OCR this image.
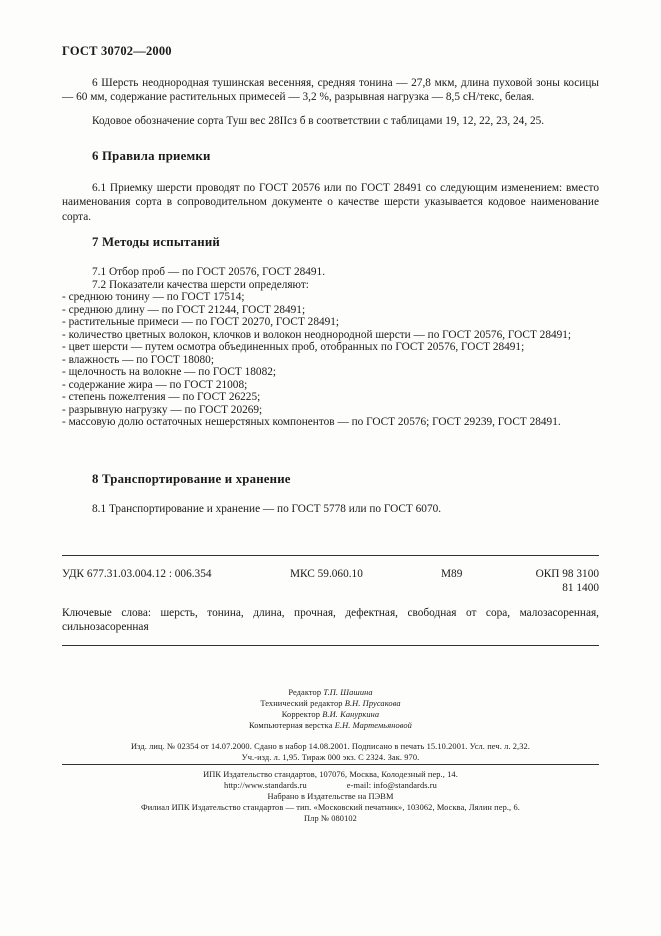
ГОСТ 30702—2000
6 Шерсть неоднородная тушинская весенняя, средняя тонина — 27,8 мкм, длина пуховой зоны косицы — 60 мм, содержание растительных примесей — 3,2 %, разрывная нагрузка — 8,5 сН/текс, белая.
Кодовое обозначение сорта Туш вес 28IIсз б в соответствии с таблицами 19, 12, 22, 23, 24, 25.
6 Правила приемки
6.1 Приемку шерсти проводят по ГОСТ 20576 или по ГОСТ 28491 со следующим изменением: вместо наименования сорта в сопроводительном документе о качестве шерсти указывается кодовое наименование сорта.
7 Методы испытаний
7.1 Отбор проб — по ГОСТ 20576, ГОСТ 28491.
7.2 Показатели качества шерсти определяют:
- среднюю тонину — по ГОСТ 17514;
- среднюю длину — по ГОСТ 21244, ГОСТ 28491;
- растительные примеси — по ГОСТ 20270, ГОСТ 28491;
- количество цветных волокон, клочков и волокон неоднородной шерсти — по ГОСТ 20576, ГОСТ 28491;
- цвет шерсти — путем осмотра объединенных проб, отобранных по ГОСТ 20576, ГОСТ 28491;
- влажность — по ГОСТ 18080;
- щелочность на волокне — по ГОСТ 18082;
- содержание жира — по ГОСТ 21008;
- степень пожелтения — по ГОСТ 26225;
- разрывную нагрузку — по ГОСТ 20269;
- массовую долю остаточных нешерстяных компонентов — по ГОСТ 20576; ГОСТ 29239, ГОСТ 28491.
8 Транспортирование и хранение
8.1 Транспортирование и хранение — по ГОСТ 5778 или по ГОСТ 6070.
УДК 677.31.03.004.12 : 006.354	МКС 59.060.10	М89	ОКП 98 3100
81 1400
Ключевые слова: шерсть, тонина, длина, прочная, дефектная, свободная от сора, малозасоренная, сильнозасоренная
Редактор Т.П. Шашина
Технический редактор В.Н. Прусакова
Корректор В.И. Кануркина
Компьютерная верстка Е.Н. Мартемьяновой
Изд. лиц. № 02354 от 14.07.2000. Сдано в набор 14.08.2001. Подписано в печать 15.10.2001. Усл. печ. л. 2,32.
Уч.-изд. л. 1,95. Тираж 000 экз. С 2324. Зак. 970.
ИПК Издательство стандартов, 107076, Москва, Колодезный пер., 14.
http://www.standards.ru	e-mail: info@standards.ru
Набрано в Издательстве на ПЭВМ
Филиал ИПК Издательство стандартов — тип. «Московский печатник», 103062, Москва, Лялин пер., 6.
Плр № 080102
